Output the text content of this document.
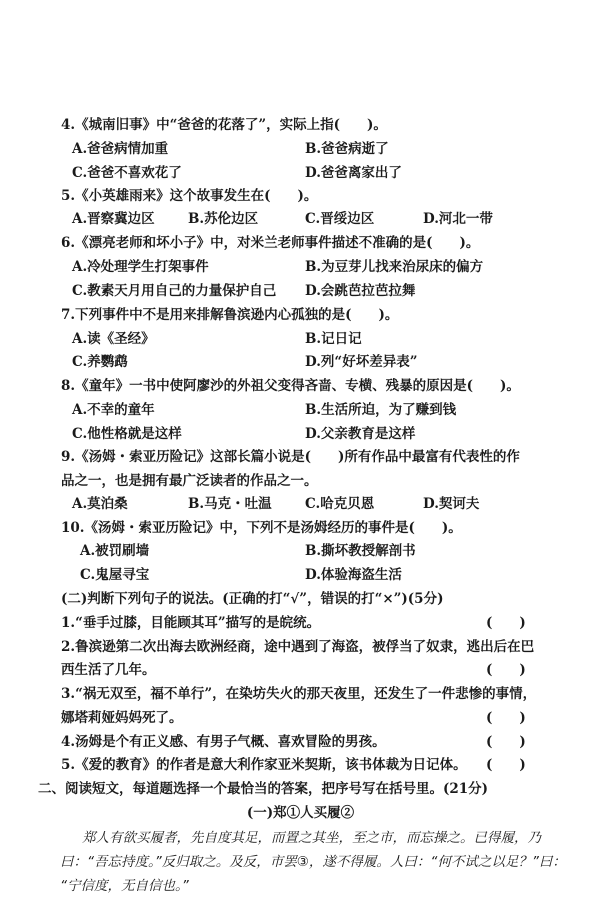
4.《城南旧事》中“爸爸的花落了”，实际上指(　　)。
A.爸爸病情加重	B.爸爸病逝了
C.爸爸不喜欢花了	D.爸爸离家出了
5.《小英雄雨来》这个故事发生在(　　)。
A.晋察冀边区 B.苏伦边区	C.晋绥边区	D.河北一带
6.《漂亮老师和坏小子》中，对米兰老师事件描述不准确的是(　　)。
A.冷处理学生打架事件	B.为豆芽儿找来治尿床的偏方
C.教素天月用自己的力量保护自己 D.会跳芭拉芭拉舞
7.下列事件中不是用来排解鲁滨逊内心孤独的是(　　)。
A.读《圣经》	B.记日记
C.养鹦鹉	D.列“好坏差异表”
8.《童年》一书中使阿廖沙的外祖父变得吝啬、专横、残暴的原因是(　　)。
A.不幸的童年	B.生活所迫，为了赚到钱
C.他性格就是这样	D.父亲教育是这样
9.《汤姆・索亚历险记》这部长篇小说是(　　)所有作品中最富有代表性的作
品之一，也是拥有最广泛读者的作品之一。
A.莫泊桑	B.马克・吐温 C.哈克贝恩	D.契诃夫
10.《汤姆・索亚历险记》中，下列不是汤姆经历的事件是(　　)。
A.被罚刷墙	B.撕坏教授解剖书
C.鬼屋寻宝	D.体验海盗生活
(二)判断下列句子的说法。(正确的打“√”，错误的打“×”)(5分)
1.“垂手过膝，目能顾其耳”描写的是皖统。	(　　)
2.鲁滨逊第二次出海去欧洲经商，途中遇到了海盗，被俘当了奴隶，逃出后在巴
西生活了几年。	(　　)
3.“祸无双至，福不单行”，在染坊失火的那天夜里，还发生了一件悲惨的事情，
娜塔莉娅妈妈死了。	(　　)
4.汤姆是个有正义感、有男子气概、喜欢冒险的男孩。	(　　)
5.《爱的教育》的作者是意大利作家亚米契斯，该书体裁为日记体。 (　　)
二、阅读短文，每道题选择一个最恰当的答案，把序号写在括号里。(21分)
(一)郑①人买履②
郑人有欲买履者，先自度其足，而置之其坐，至之市，而忘操之。已得履，乃
曰：“吾忘持度。”反归取之。及反，市罢③，遂不得履。人曰：“何不试之以足？”曰：
“宁信度，无自信也。”
